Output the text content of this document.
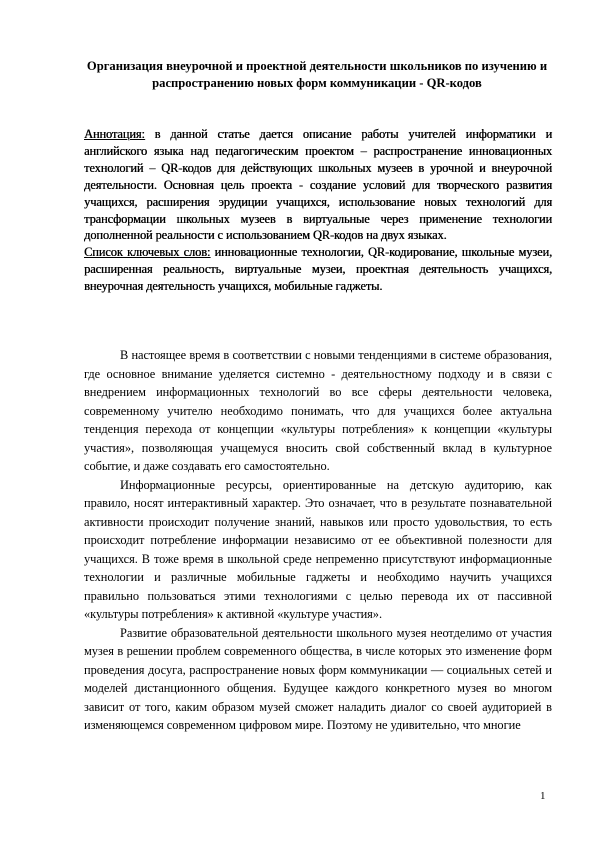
Организация внеурочной и проектной деятельности школьников по изучению и распространению новых форм коммуникации - QR-кодов

Аннотация: в данной статье дается описание работы учителей информатики и английского языка над педагогическим проектом – распространение инновационных технологий – QR-кодов для действующих школьных музеев в урочной и внеурочной деятельности. Основная цель проекта - создание условий для творческого развития учащихся, расширения эрудиции учащихся, использование новых технологий для трансформации школьных музеев в виртуальные через применение технологии дополненной реальности с использованием QR-кодов на двух языках.

Список ключевых слов: инновационные технологии, QR-кодирование, школьные музеи, расширенная реальность, виртуальные музеи, проектная деятельность учащихся, внеурочная деятельность учащихся, мобильные гаджеты.

В настоящее время в соответствии с новыми тенденциями в системе образования, где основное внимание уделяется системно - деятельностному подходу и в связи с внедрением информационных технологий во все сферы деятельности человека, современному учителю необходимо понимать, что для учащихся более актуальна тенденция перехода от концепции «культуры потребления» к концепции «культуры участия», позволяющая учащемуся вносить свой собственный вклад в культурное событие, и даже создавать его самостоятельно.

Информационные ресурсы, ориентированные на детскую аудиторию, как правило, носят интерактивный характер. Это означает, что в результате познавательной активности происходит получение знаний, навыков или просто удовольствия, то есть происходит потребление информации независимо от ее объективной полезности для учащихся. В тоже время в школьной среде непременно присутствуют информационные технологии и различные мобильные гаджеты и необходимо научить учащихся правильно пользоваться этими технологиями с целью перевода их от пассивной «культуры потребления» к активной «культуре участия».

Развитие образовательной деятельности школьного музея неотделимо от участия музея в решении проблем современного общества, в числе которых это изменение форм проведения досуга, распространение новых форм коммуникации — социальных сетей и моделей дистанционного общения. Будущее каждого конкретного музея во многом зависит от того, каким образом музей сможет наладить диалог со своей аудиторией в изменяющемся современном цифровом мире. Поэтому не удивительно, что многие

1
